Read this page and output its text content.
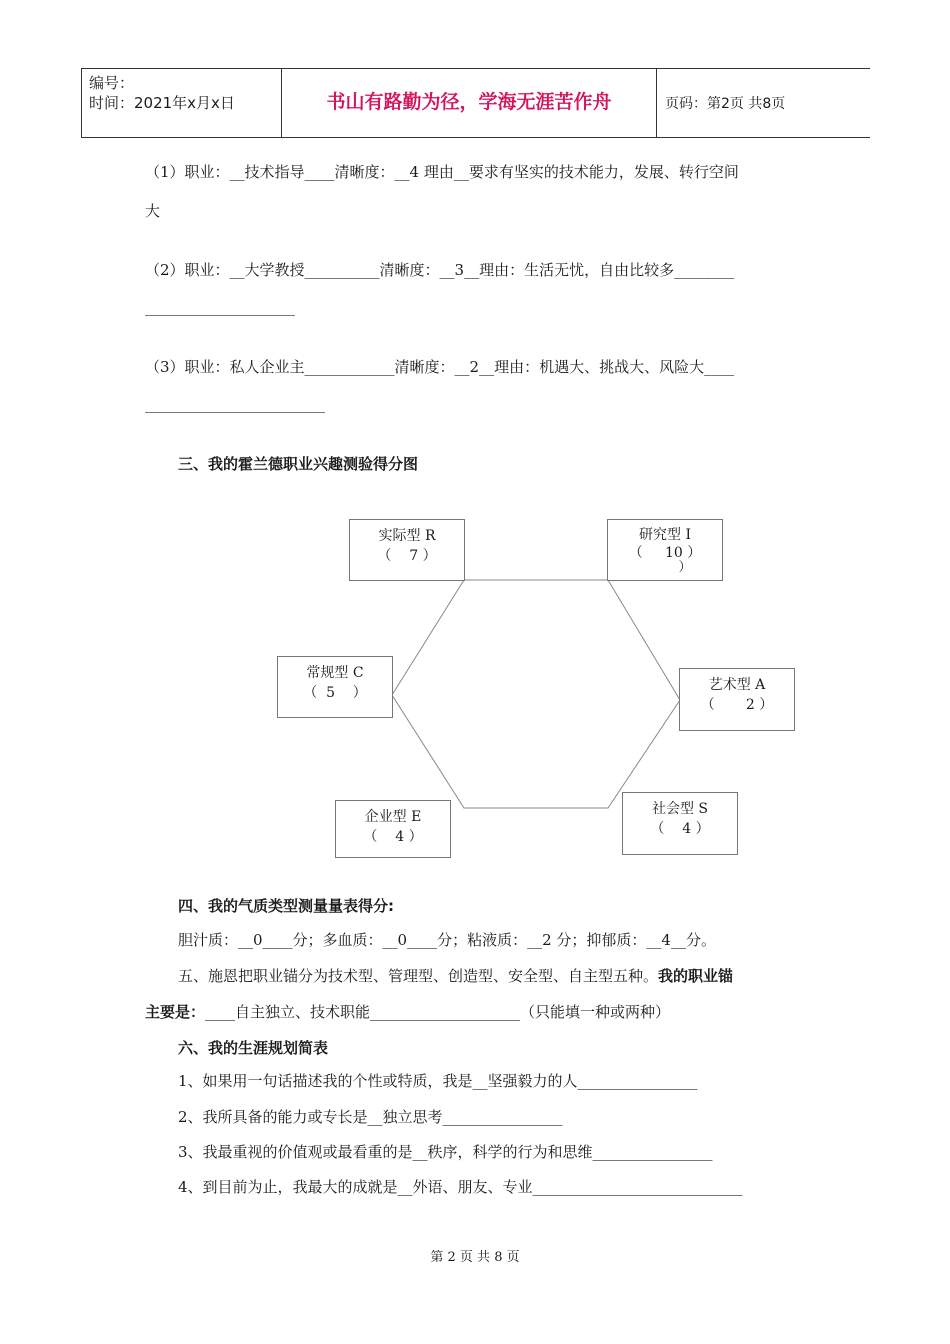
编号：
时间：2021年x月x日	书山有路勤为径，学海无涯苦作舟	页码：第2页 共8页
（1）职业：__技术指导____清晰度：__4 理由__要求有坚实的技术能力，发展、转行空间
大
（2）职业：__大学教授__________清晰度：__3__理由：生活无忧，自由比较多________
____________________
（3）职业：私人企业主____________清晰度：__2__理由：机遇大、挑战大、风险大____
________________________
三、我的霍兰德职业兴趣测验得分图
实际型 R
（    7 ）
研究型 I
（     10 ）
）
常规型 C
（  5    ）	艺术型 A
（       2 ）
企业型 E
（    4 ）
社会型 S
（    4 ）
四、我的气质类型测量量表得分:
胆汁质：__0____分；多血质：__0____分；粘液质：__2 分；抑郁质：__4__分。
五、施恩把职业锚分为技术型、管理型、创造型、安全型、自主型五种。我的职业锚
主要是：____自主独立、技术职能____________________（只能填一种或两种）
六、我的生涯规划简表
1、如果用一句话描述我的个性或特质，我是__坚强毅力的人________________
2、我所具备的能力或专长是__独立思考________________
3、我最重视的价值观或最看重的是__秩序，科学的行为和思维________________
4、到目前为止，我最大的成就是__外语、朋友、专业____________________________
第 2 页 共 8 页
